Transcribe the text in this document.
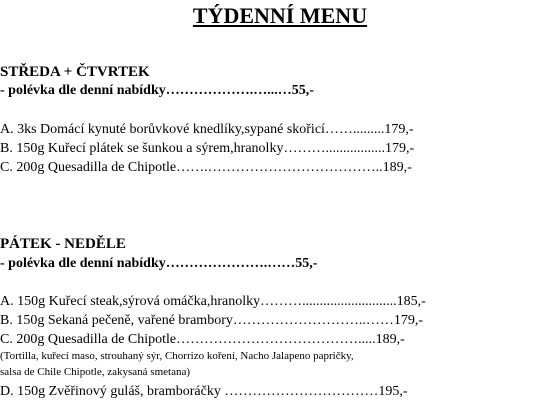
TÝDENNÍ MENU
STŘEDA + ČTVRTEK
- polévka dle denní nabídky……………….…...…55,-
A. 3ks Domácí kynuté borůvkové knedlíky,sypané skořicí…….........179,-
B. 150g Kuřecí plátek se šunkou a sýrem,hranolky……….................179,-
C. 200g Quesadilla de Chipotle…….………………………………..189,-
PÁTEK - NEDĚLE
- polévka dle denní nabídky………………….……55,-
A. 150g Kuřecí steak,sýrová omáčka,hranolky………...........................185,-
B. 150g Sekaná pečeně, vařené brambory………………………..……179,-
C. 200g Quesadilla de Chipotle………………………………….....189,-
(Tortilla, kuřecí maso, strouhaný sýr, Chorrizo koření, Nacho Jalapeno papričky,
salsa de Chile Chipotle, zakysaná smetana)
D. 150g Zvěřinový guláš, bramboráčky ……………………………195,-
